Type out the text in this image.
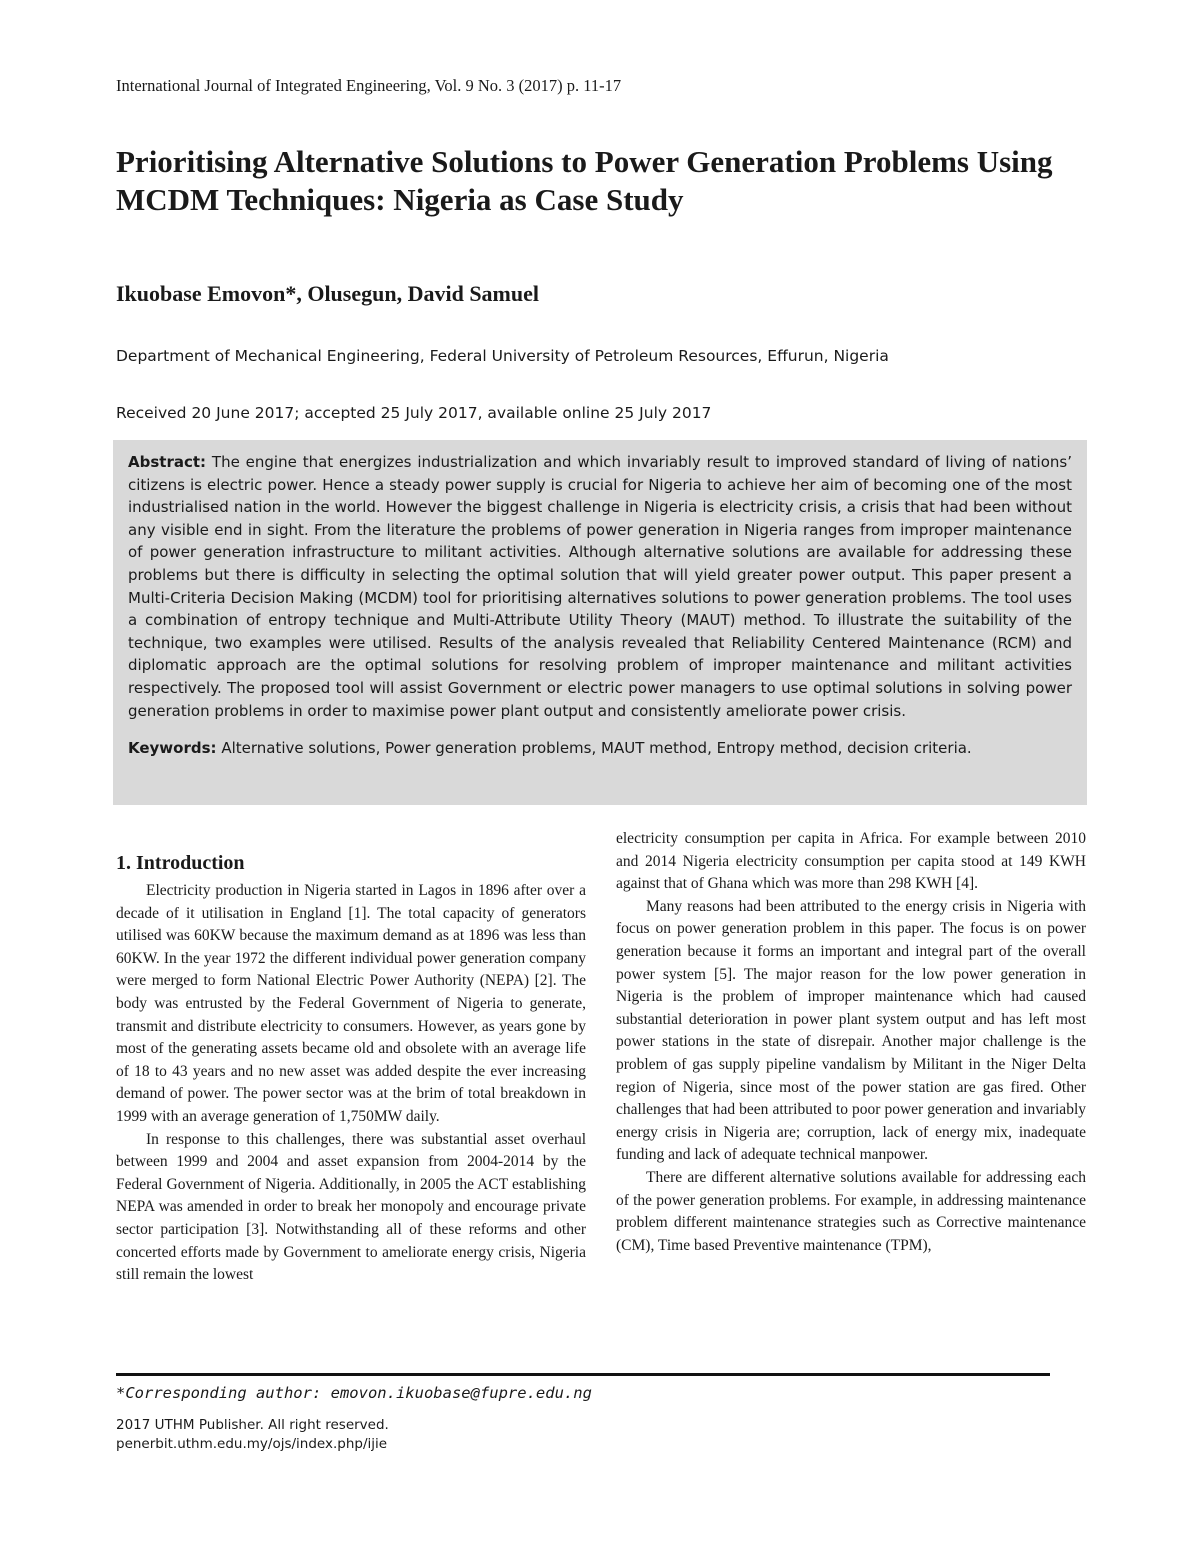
International Journal of Integrated Engineering, Vol. 9 No. 3 (2017) p. 11-17
Prioritising Alternative Solutions to Power Generation Problems Using MCDM Techniques: Nigeria as Case Study
Ikuobase Emovon*, Olusegun, David Samuel
Department of Mechanical Engineering, Federal University of Petroleum Resources, Effurun, Nigeria
Received 20 June 2017; accepted 25 July 2017, available online 25 July 2017

Abstract: The engine that energizes industrialization and which invariably result to improved standard of living of nations’ citizens is electric power. Hence a steady power supply is crucial for Nigeria to achieve her aim of becoming one of the most industrialised nation in the world. However the biggest challenge in Nigeria is electricity crisis, a crisis that had been without any visible end in sight. From the literature the problems of power generation in Nigeria ranges from improper maintenance of power generation infrastructure to militant activities. Although alternative solutions are available for addressing these problems but there is difficulty in selecting the optimal solution that will yield greater power output. This paper present a Multi-Criteria Decision Making (MCDM) tool for prioritising alternatives solutions to power generation problems. The tool uses a combination of entropy technique and Multi-Attribute Utility Theory (MAUT) method. To illustrate the suitability of the technique, two examples were utilised. Results of the analysis revealed that Reliability Centered Maintenance (RCM) and diplomatic approach are the optimal solutions for resolving problem of improper maintenance and militant activities respectively. The proposed tool will assist Government or electric power managers to use optimal solutions in solving power generation problems in order to maximise power plant output and consistently ameliorate power crisis.

Keywords: Alternative solutions, Power generation problems, MAUT method, Entropy method, decision criteria.

1. Introduction

Electricity production in Nigeria started in Lagos in 1896 after over a decade of it utilisation in England [1]. The total capacity of generators utilised was 60KW because the maximum demand as at 1896 was less than 60KW. In the year 1972 the different individual power generation company were merged to form National Electric Power Authority (NEPA) [2]. The body was entrusted by the Federal Government of Nigeria to generate, transmit and distribute electricity to consumers. However, as years gone by most of the generating assets became old and obsolete with an average life of 18 to 43 years and no new asset was added despite the ever increasing demand of power. The power sector was at the brim of total breakdown in 1999 with an average generation of 1,750MW daily.

In response to this challenges, there was substantial asset overhaul between 1999 and 2004 and asset expansion from 2004-2014 by the Federal Government of Nigeria. Additionally, in 2005 the ACT establishing NEPA was amended in order to break her monopoly and encourage private sector participation [3]. Notwithstanding all of these reforms and other concerted efforts made by Government to ameliorate energy crisis, Nigeria still remain the lowest

electricity consumption per capita in Africa. For example between 2010 and 2014 Nigeria electricity consumption per capita stood at 149 KWH against that of Ghana which was more than 298 KWH [4].

Many reasons had been attributed to the energy crisis in Nigeria with focus on power generation problem in this paper. The focus is on power generation because it forms an important and integral part of the overall power system [5]. The major reason for the low power generation in Nigeria is the problem of improper maintenance which had caused substantial deterioration in power plant system output and has left most power stations in the state of disrepair. Another major challenge is the problem of gas supply pipeline vandalism by Militant in the Niger Delta region of Nigeria, since most of the power station are gas fired. Other challenges that had been attributed to poor power generation and invariably energy crisis in Nigeria are; corruption, lack of energy mix, inadequate funding and lack of adequate technical manpower.

There are different alternative solutions available for addressing each of the power generation problems. For example, in addressing maintenance problem different maintenance strategies such as Corrective maintenance (CM), Time based Preventive maintenance (TPM),

*Corresponding author: emovon.ikuobase@fupre.edu.ng
2017 UTHM Publisher. All right reserved.
penerbit.uthm.edu.my/ojs/index.php/ijie
